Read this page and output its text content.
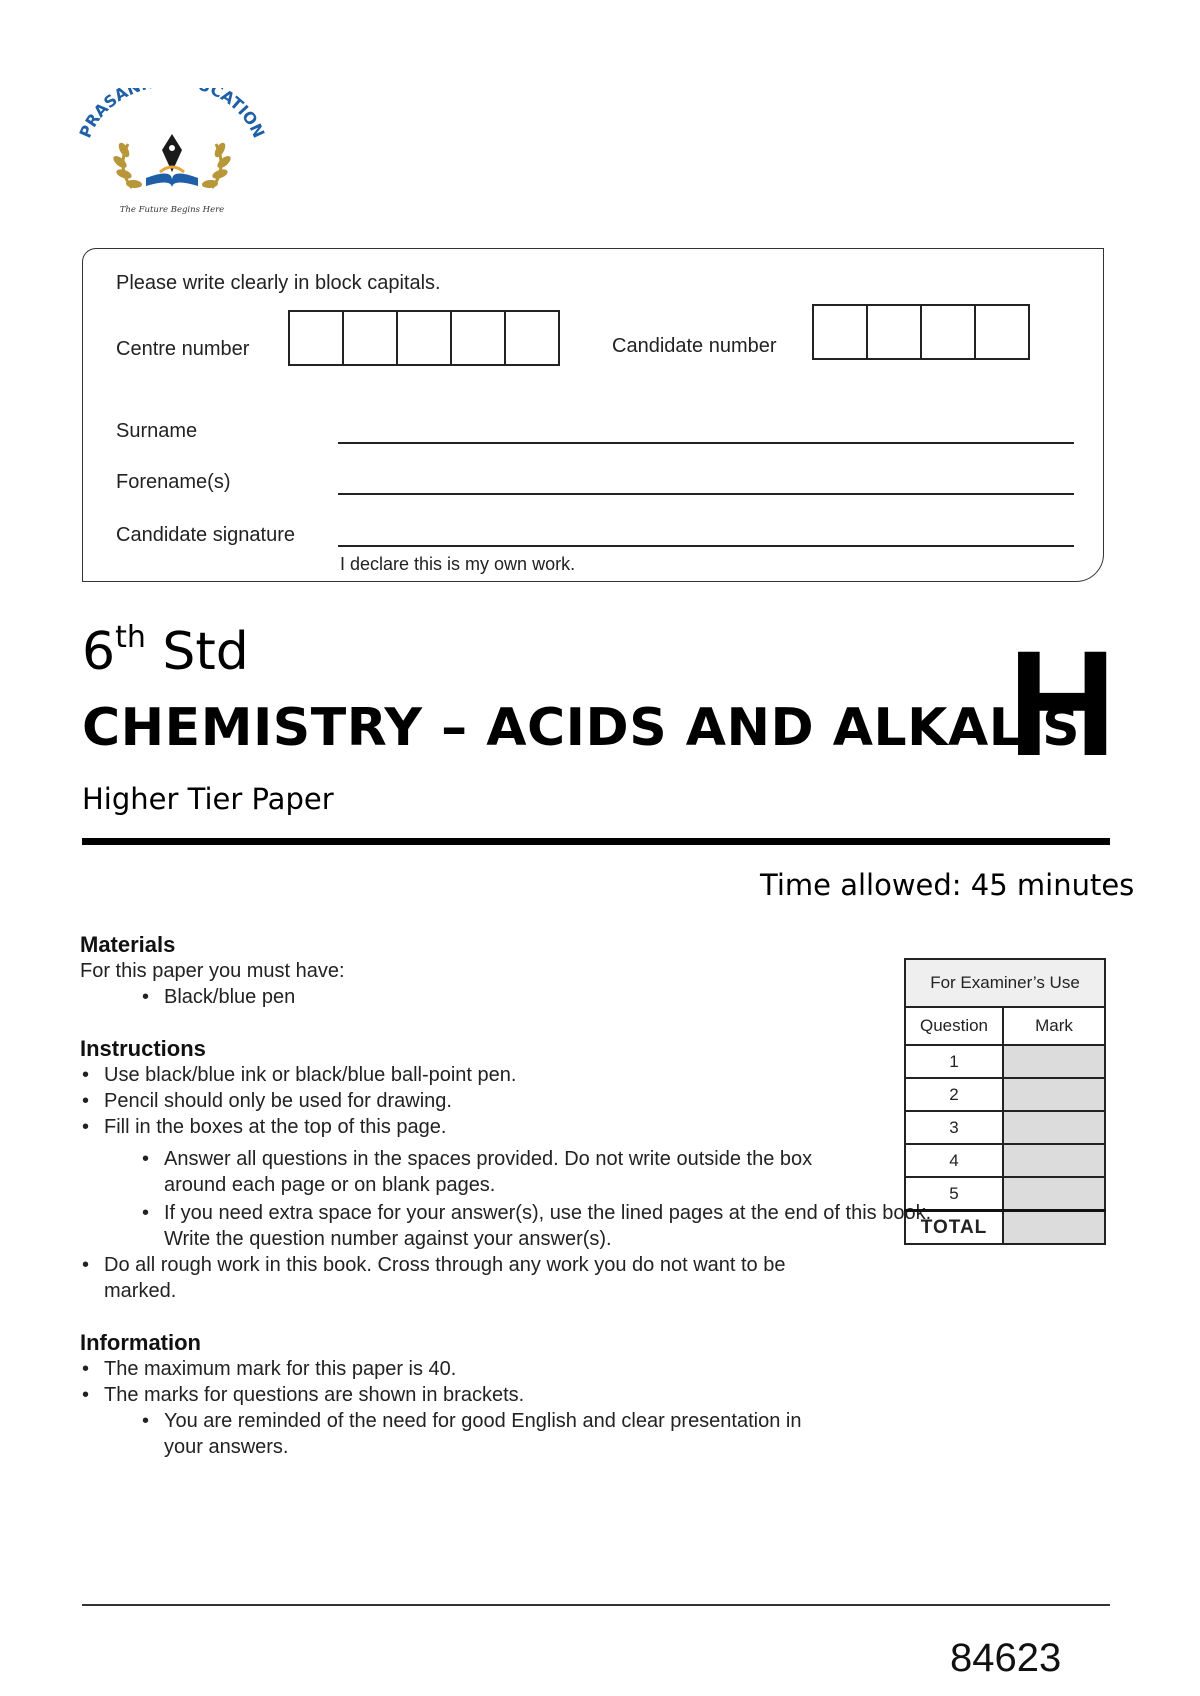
PRASA CATION
The Future Begins Here
Please write clearly in block capitals.
Centre number	Candidate number
Surname
Forename(s)
Candidate signature
I declare this is my own work.
6th Std
CHEMISTRY – ACIDS AND ALKALIS
H
Higher Tier Paper
Time allowed: 45 minutes
Materials
For this paper you must have:
• Black/blue pen
Instructions
• Use black/blue ink or black/blue ball-point pen.
• Pencil should only be used for drawing.
• Fill in the boxes at the top of this page.
• Answer all questions in the spaces provided. Do not write outside the box around each page or on blank pages.
• If you need extra space for your answer(s), use the lined pages at the end of this book. Write the question number against your answer(s).
• Do all rough work in this book. Cross through any work you do not want to be marked.
Information
• The maximum mark for this paper is 40.
• The marks for questions are shown in brackets.
• You are reminded of the need for good English and clear presentation in your answers.
For Examiner’s Use	
Question	Mark
1	
2	
3	
4	
5	
TOTAL	
84623
